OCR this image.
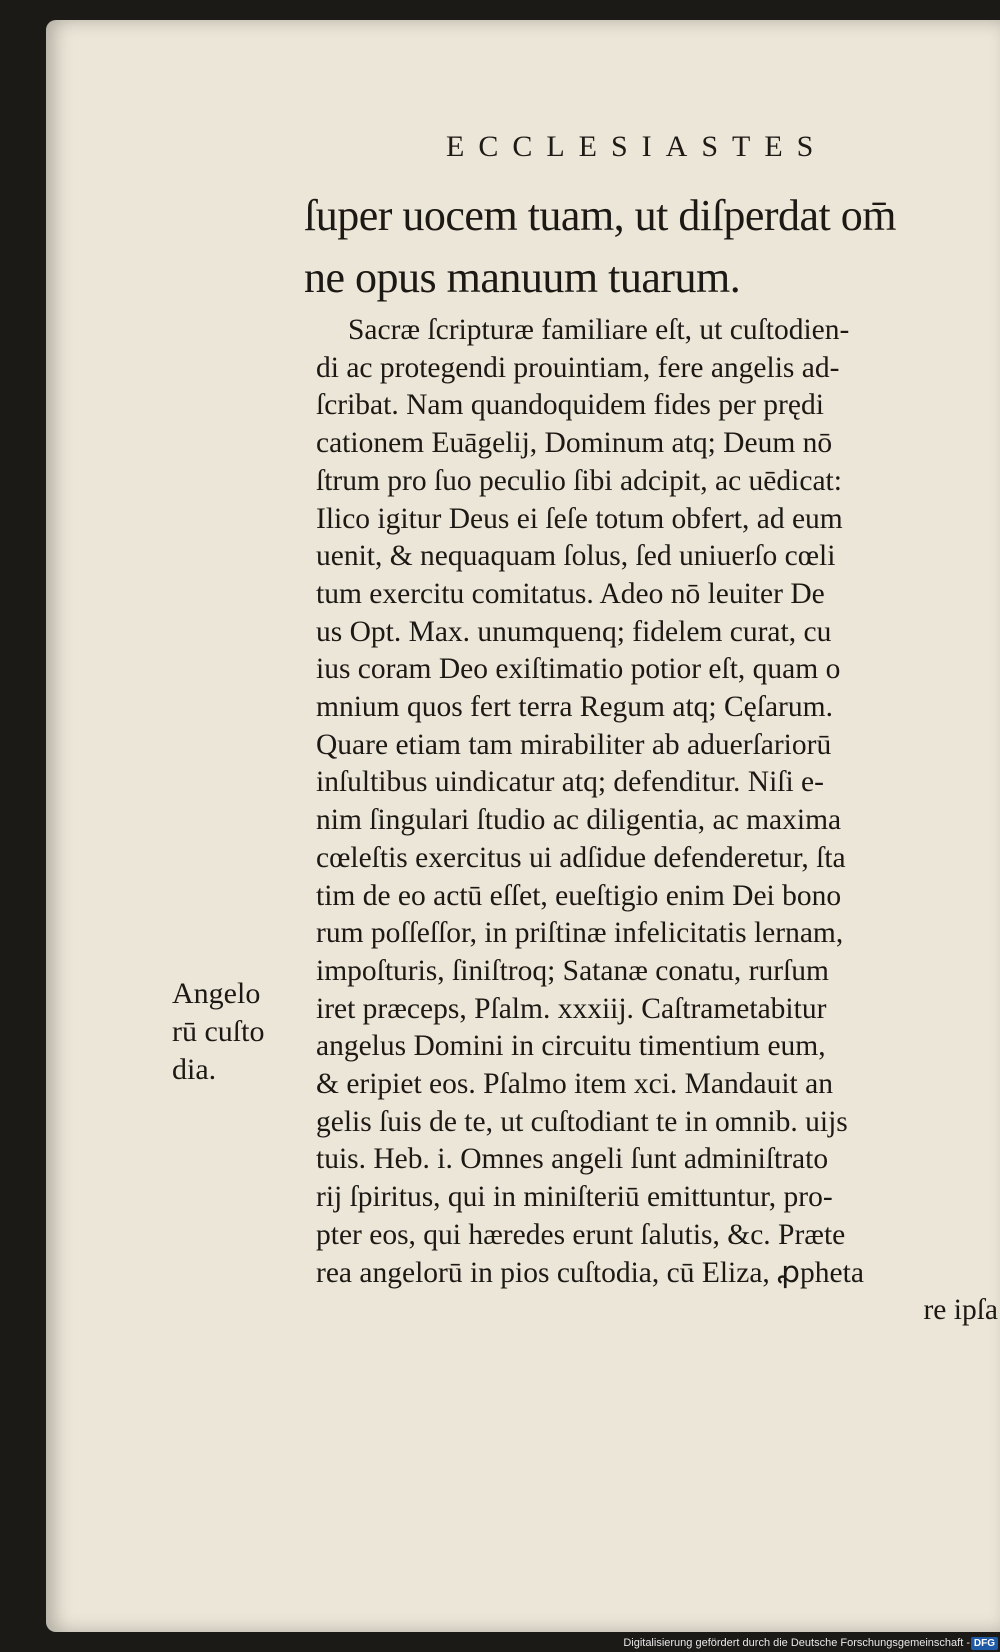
ECCLESIASTES
ſuper uocem tuam, ut diſperdat om̄
ne opus manuum tuarum.
Sacræ ſcripturæ familiare eſt, ut cuſtodien-
di ac protegendi prouintiam, fere angelis ad-
ſcribat. Nam quandoquidem fides per prędi
cationem Euāgelij, Dominum atq; Deum nō
ſtrum pro ſuo peculio ſibi adcipit, ac uēdicat:
Ilico igitur Deus ei ſeſe totum obfert, ad eum
uenit, & nequaquam ſolus, ſed uniuerſo cœli
tum exercitu comitatus. Adeo nō leuiter De
us Opt. Max. unumquenq; fidelem curat, cu
ius coram Deo exiſtimatio potior eſt, quam o
mnium quos fert terra Regum atq; Cęſarum.
Quare etiam tam mirabiliter ab aduerſariorū
inſultibus uindicatur atq; defenditur. Niſi e-
nim ſingulari ſtudio ac diligentia, ac maxima
cœleſtis exercitus ui adſidue defenderetur, ſta
tim de eo actū eſſet, eueſtigio enim Dei bono
rum poſſeſſor, in priſtinæ infelicitatis lernam,
impoſturis, ſiniſtroq; Satanæ conatu, rurſum
iret præceps, Pſalm. xxxiij. Caſtrametabitur
angelus Domini in circuitu timentium eum,
& eripiet eos. Pſalmo item xci. Mandauit an
gelis ſuis de te, ut cuſtodiant te in omnib. uijs
tuis. Heb. i. Omnes angeli ſunt adminiſtrato
rij ſpiritus, qui in miniſteriū emittuntur, pro-
pter eos, qui hæredes erunt ſalutis, &c. Præte
rea angelorū in pios cuſtodia, cū Eliza, ꝓpheta
re ipſa
Angelo
rū cuſto
dia.
Digitalisierung gefördert durch die Deutsche Forschungsgemeinschaft - DFG
